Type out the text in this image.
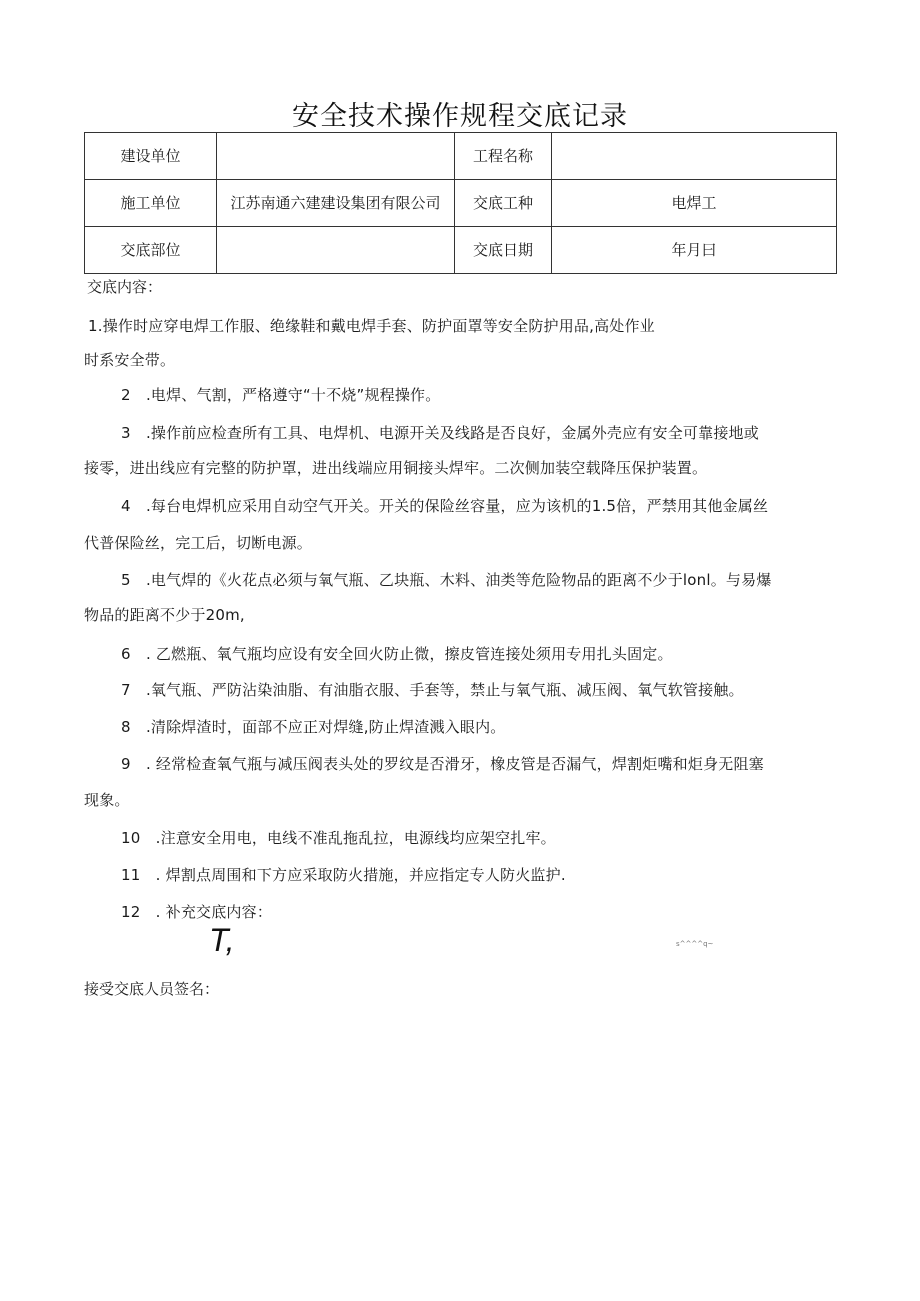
安全技术操作规程交底记录
建设单位		工程名称	
施工单位	江苏南通六建建设集团有限公司	交底工种	电焊工
交底部位		交底日期	年月曰
交底内容：
1.操作时应穿电焊工作服、绝缘鞋和戴电焊手套、防护面罩等安全防护用品,高处作业
时系安全带。
2　.电焊、气割，严格遵守“十不烧”规程操作。
3　.操作前应检查所有工具、电焊机、电源开关及线路是否良好，金属外壳应有安全可靠接地或
接零，进出线应有完整的防护罩，进出线端应用铜接头焊牢。二次侧加装空载降压保护装置。
4　.每台电焊机应采用自动空气开关。开关的保险丝容量，应为该机的1.5倍，严禁用其他金属丝
代普保险丝，完工后，切断电源。
5　.电气焊的《火花点必须与氧气瓶、乙块瓶、木料、油类等危险物品的距离不少于lonl。与易爆
物品的距离不少于20m,
6　. 乙燃瓶、氧气瓶均应设有安全回火防止微，擦皮管连接处须用专用扎头固定。
7　.氧气瓶、严防沾染油脂、有油脂衣服、手套等，禁止与氧气瓶、减压阀、氧气软管接触。
8　.清除焊渣时，面部不应正对焊缝,防止焊渣溅入眼内。
9　. 经常检查氧气瓶与减压阀表头处的罗纹是否滑牙，橡皮管是否漏气，焊割炬嘴和炬身无阻塞
现象。
10　.注意安全用电，电线不准乱拖乱拉，电源线均应架空扎牢。
11　. 焊割点周围和下方应采取防火措施，并应指定专人防火监护.
12　. 补充交底内容：
T,	s^^^^q~
接受交底人员签名：
